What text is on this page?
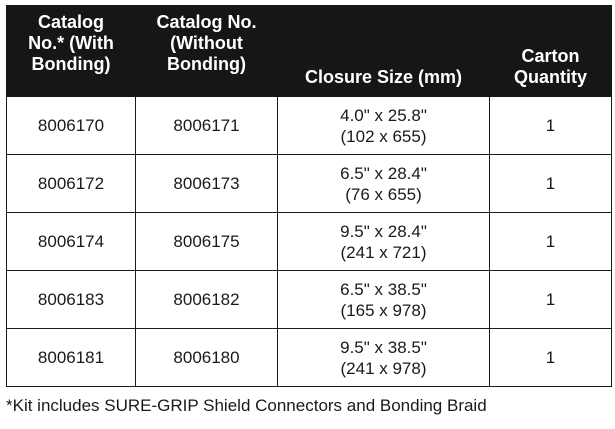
Catalog
No.* (With
Bonding)	Catalog No.
(Without
Bonding)	Closure Size (mm)	Carton
Quantity

8006170	8006171	4.0" x 25.8"
(102 x 655)	1
8006172	8006173	6.5" x 28.4"
(76 x 655)	1
8006174	8006175	9.5" x 28.4"
(241 x 721)	1
8006183	8006182	6.5" x 38.5"
(165 x 978)	1
8006181	8006180	9.5" x 38.5"
(241 x 978)	1
*Kit includes SURE-GRIP Shield Connectors and Bonding Braid
